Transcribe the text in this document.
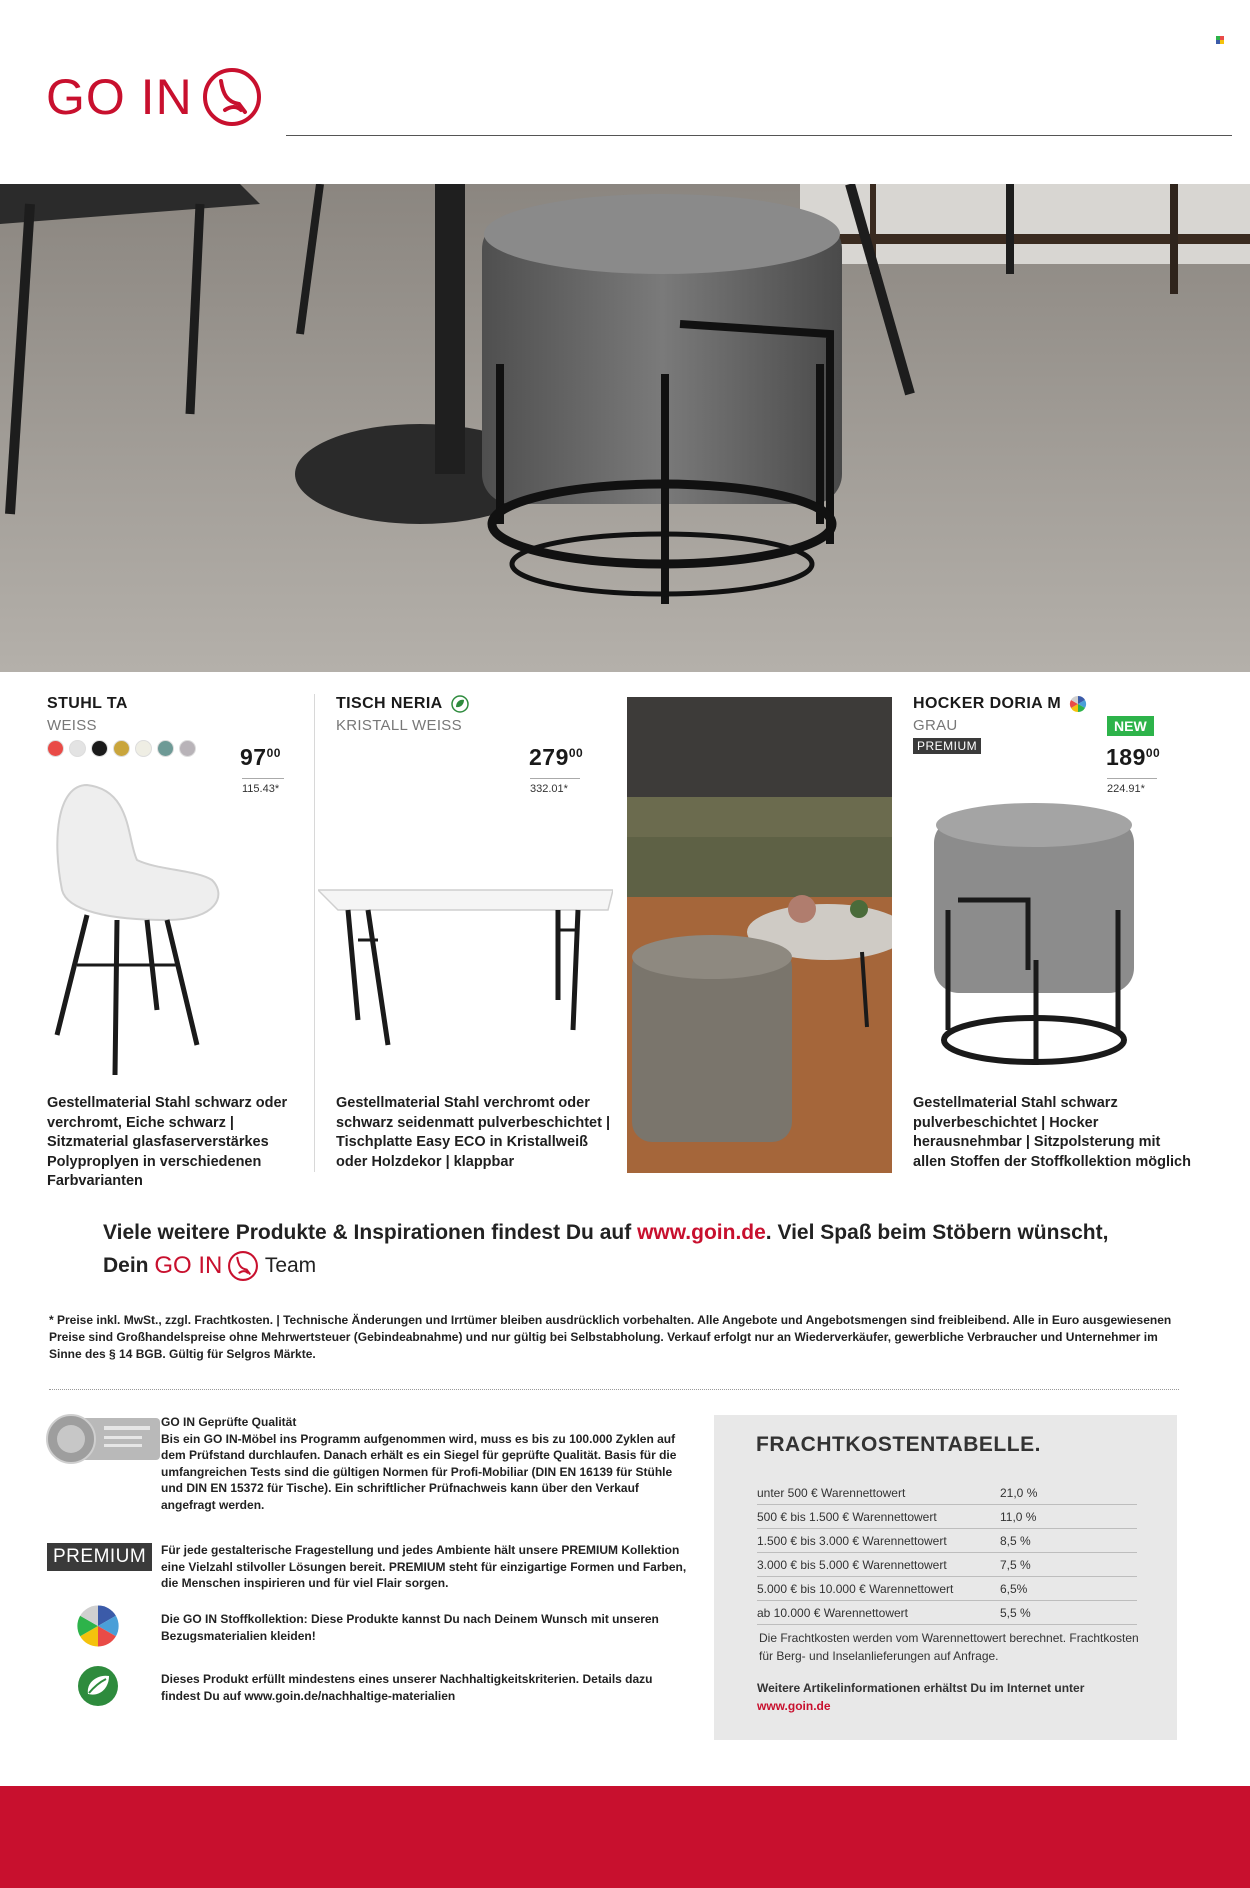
GO IN
STUHL TA
WEISS
$97^{00}$
115.43*
Gestellmaterial Stahl schwarz oder verchromt, Eiche schwarz | Sitzmaterial glasfaserverstärkes Polyproplyen in verschiedenen Farbvarianten
TISCH NERIA
KRISTALL WEISS
$279^{00}$
332.01*
Gestellmaterial Stahl verchromt oder schwarz seidenmatt pulverbeschichtet | Tischplatte Easy ECO in Kristallweiß oder Holzdekor | klappbar
HOCKER DORIA M
GRAU
PREMIUM
NEW
$189^{00}$
224.91*
Gestellmaterial Stahl schwarz pulverbeschichtet | Hocker herausnehmbar | Sitzpolsterung mit allen Stoffen der Stoffkollektion möglich
Viele weitere Produkte & Inspirationen findest Du auf www.goin.de. Viel Spaß beim Stöbern wünscht,
Dein GO IN Team
* Preise inkl. MwSt., zzgl. Frachtkosten. | Technische Änderungen und Irrtümer bleiben ausdrücklich vorbehalten. Alle Angebote und Angebotsmengen sind freibleibend. Alle in Euro ausgewiesenen Preise sind Großhandelspreise ohne Mehrwertsteuer (Gebindeabnahme) und nur gültig bei Selbstabholung. Verkauf erfolgt nur an Wiederverkäufer, gewerbliche Verbraucher und Unternehmer im Sinne des § 14 BGB. Gültig für Selgros Märkte.
GO IN Geprüfte Qualität
Bis ein GO IN-Möbel ins Programm aufgenommen wird, muss es bis zu 100.000 Zyklen auf dem Prüfstand durchlaufen. Danach erhält es ein Siegel für geprüfte Qualität. Basis für die umfangreichen Tests sind die gültigen Normen für Profi-Mobiliar (DIN EN 16139 für Stühle und DIN EN 15372 für Tische). Ein schriftlicher Prüfnachweis kann über den Verkauf angefragt werden.
PREMIUM	Für jede gestalterische Fragestellung und jedes Ambiente hält unsere PREMIUM Kollektion eine Vielzahl stilvoller Lösungen bereit. PREMIUM steht für einzigartige Formen und Farben, die Menschen inspirieren und für viel Flair sorgen.
Die GO IN Stoffkollektion: Diese Produkte kannst Du nach Deinem Wunsch mit unseren Bezugsmaterialien kleiden!
Dieses Produkt erfüllt mindestens eines unserer Nachhaltigkeitskriterien. Details dazu findest Du auf www.goin.de/nachhaltige-materialien
FRACHTKOSTENTABELLE.
unter 500 € Warennettowert	21,0 %
500 € bis 1.500 € Warennettowert	11,0 %
1.500 € bis 3.000 € Warennettowert	8,5 %
3.000 € bis 5.000 € Warennettowert	7,5 %
5.000 € bis 10.000 € Warennettowert	6,5%
ab 10.000 € Warennettowert	5,5 %
Die Frachtkosten werden vom Warennettowert berechnet. Frachtkosten für Berg- und Inselanlieferungen auf Anfrage.
Weitere Artikelinformationen erhältst Du im Internet unter
www.goin.de
